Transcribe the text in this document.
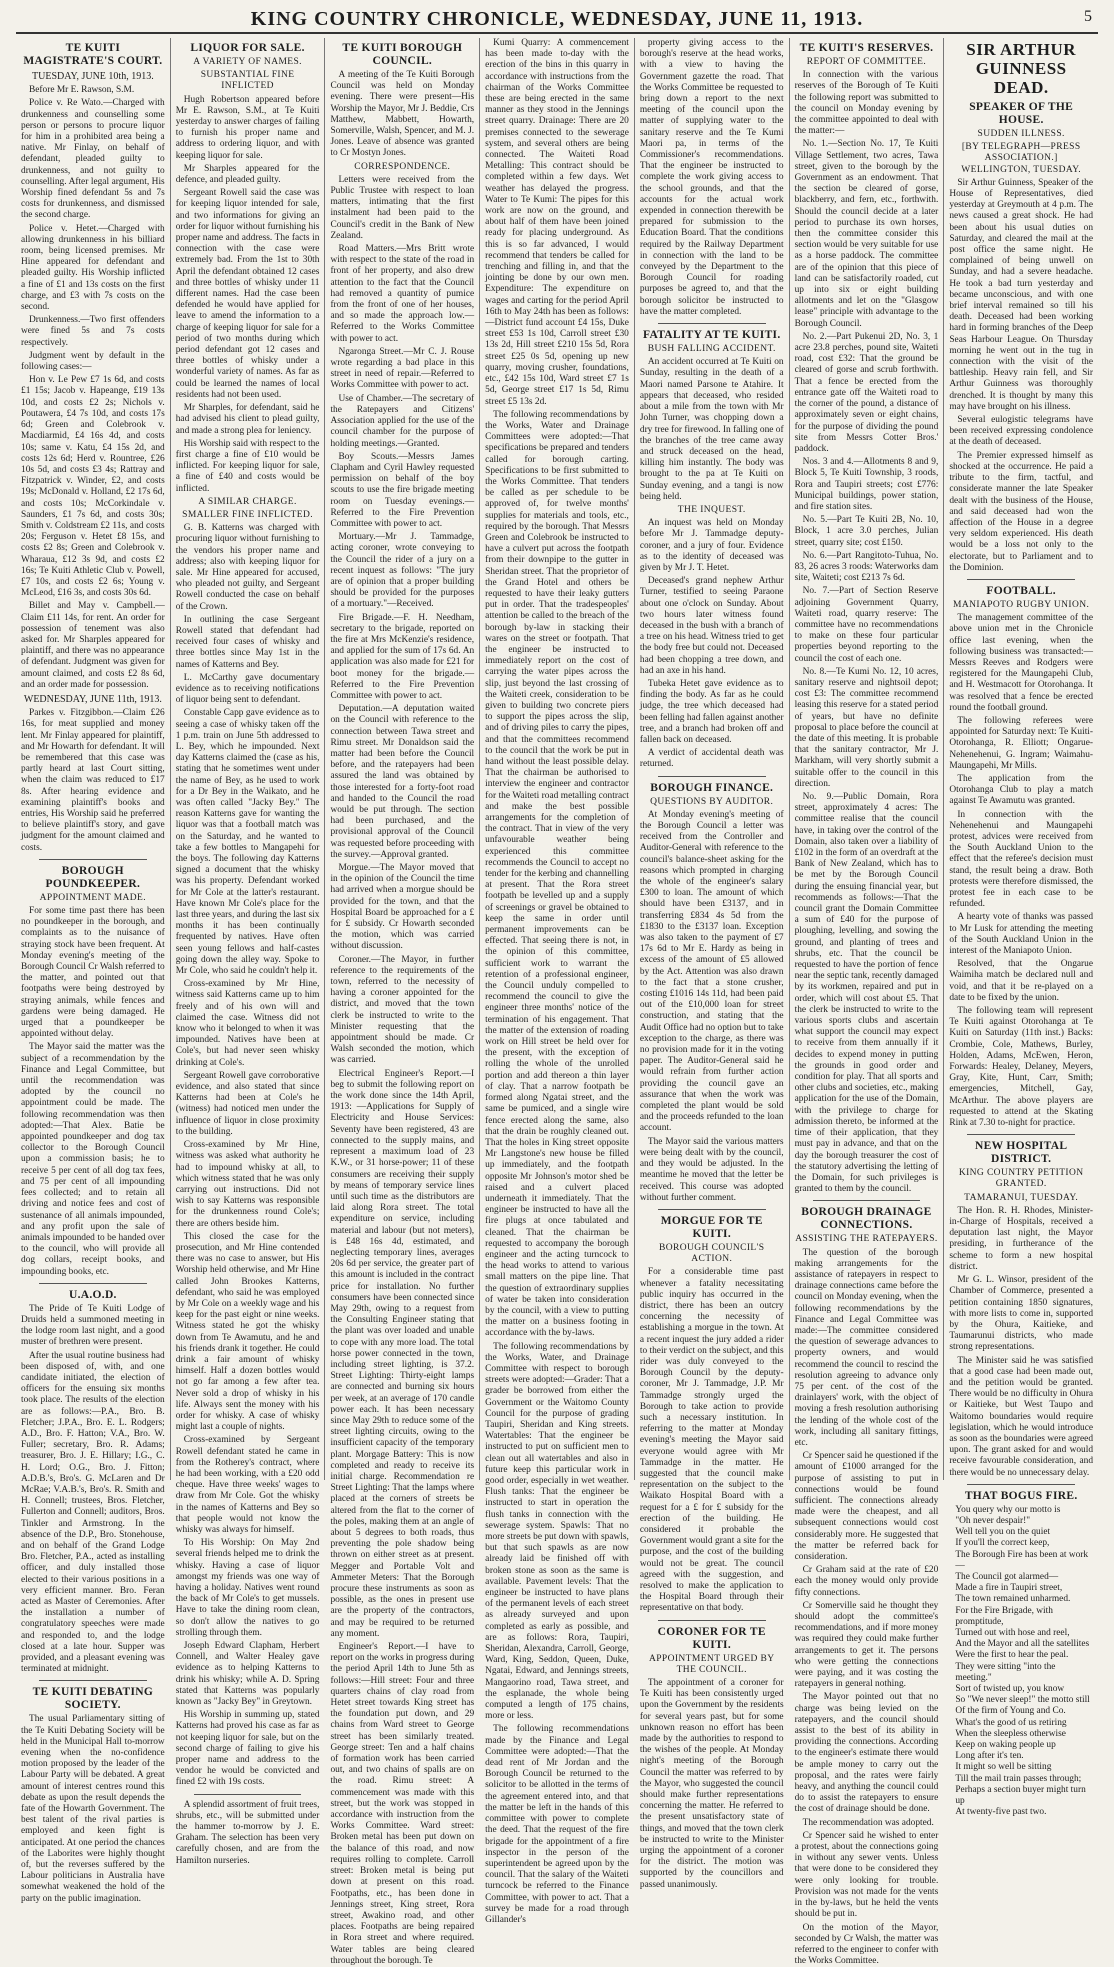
KING COUNTRY CHRONICLE, WEDNESDAY, JUNE 11, 1913.	5
TE KUITI MAGISTRATE'S COURT.
TUESDAY, JUNE 10th, 1913.

Before Mr E. Rawson, S.M.

Police v. Re Wato.—Charged with drunkenness and counselling some person or persons to procure liquor for him in a prohibited area being a native. Mr Finlay, on behalf of defendant, pleaded guilty to drunkenness, and not guilty to counselling. After legal argument, His Worship fined defendant 5s and 7s costs for drunkenness, and dismissed the second charge.

Police v. Hetet.—Charged with allowing drunkenness in his billiard room, being licensed premises. Mr Hine appeared for defendant and pleaded guilty. His Worship inflicted a fine of £1 and 13s costs on the first charge, and £3 with 7s costs on the second.

Drunkenness.—Two first offenders were fined 5s and 7s costs respectively.

Judgment went by default in the following cases:—

Hon v. Le Pew £7 1s 6d, and costs £1 15s; Jacob v. Hapeange, £19 13s 10d, and costs £2 2s; Nichols v. Poutawera, £4 7s 10d, and costs 17s 6d; Green and Colebrook v. Macdiarmid, £4 16s 4d, and costs 10s; same v. Katu, £4 15s 2d, and costs 12s 6d; Herd v. Rountree, £26 10s 5d, and costs £3 4s; Rattray and Fitzpatrick v. Winder, £2, and costs 19s; McDonald v. Holland, £2 17s 6d, and costs 10s; McCorkindale v. Saunders, £1 7s 6d, and costs 30s; Smith v. Coldstream £2 11s, and costs 20s; Ferguson v. Hetet £8 15s, and costs £2 8s; Green and Colebrook v. Wharaua, £12 3s 9d, and costs £2 16s; Te Kuiti Athletic Club v. Powell, £7 10s, and costs £2 6s; Young v. McLeod, £16 3s, and costs 30s 6d.

Billet and May v. Campbell.—Claim £11 14s, for rent. An order for possession of tenement was also asked for. Mr Sharples appeared for plaintiff, and there was no appearance of defendant. Judgment was given for amount claimed, and costs £2 8s 6d, and an order made for possession.

WEDNESDAY, JUNE 11th, 1913.

Parkes v. Fitzgibbon.—Claim £26 16s, for meat supplied and money lent. Mr Finlay appeared for plaintiff, and Mr Howarth for defendant. It will be remembered that this case was partly heard at last Court sitting, when the claim was reduced to £17 8s. After hearing evidence and examining plaintiff's books and entries, His Worship said he preferred to believe plaintiff's story, and gave judgment for the amount claimed and costs.

BOROUGH POUNDKEEPER.
APPOINTMENT MADE.

For some time past there has been no poundkeeper in the borough, and complaints as to the nuisance of straying stock have been frequent. At Monday evening's meeting of the Borough Council Cr Walsh referred to the matter, and pointed out that footpaths were being destroyed by straying animals, while fences and gardens were being damaged. He urged that a poundkeeper be appointed without delay.

The Mayor said the matter was the subject of a recommendation by the Finance and Legal Committee, but until the recommendation was adopted by the council no appointment could be made. The following recommendation was then adopted:—That Alex. Batie be appointed poundkeeper and dog tax collector to the Borough Council upon a commission basis; he to receive 5 per cent of all dog tax fees, and 75 per cent of all impounding fees collected; and to retain all driving and notice fees and cost of sustenance of all animals impounded, and any profit upon the sale of animals impounded to be handed over to the council, who will provide all dog collars, receipt books, and impounding books, etc.

U.A.O.D.

The Pride of Te Kuiti Lodge of Druids held a summoned meeting in the lodge room last night, and a good muster of brethren were present.

After the usual routine business had been disposed of, with, and one candidate initiated, the election of officers for the ensuing six months took place. The results of the election are as follows:—P.A., Bro. B. Fletcher; J.P.A., Bro. E. L. Rodgers; A.D., Bro. F. Hatton; V.A., Bro. W. Fuller; secretary, Bro. R. Adams; treasurer, Bro. J. E. Hillary; I.G., C. H. Lord; O.G., Bro. J. Fitton; A.D.B.'s, Bro's. G. McLaren and Dr McRae; V.A.B.'s, Bro's. R. Smith and H. Connell; trustees, Bros. Fletcher, Fullerton and Connell; auditors, Bros. Tinkler and Armstrong. In the absence of the D.P., Bro. Stonehouse, and on behalf of the Grand Lodge Bro. Fletcher, P.A., acted as installing officer, and duly installed those elected to their various positions in a very efficient manner. Bro. Feran acted as Master of Ceremonies. After the installation a number of congratulatory speeches were made and responded to, and the lodge closed at a late hour. Supper was provided, and a pleasant evening was terminated at midnight.

TE KUITI DEBATING SOCIETY.

The usual Parliamentary sitting of the Te Kuiti Debating Society will be held in the Municipal Hall to-morrow evening when the no-confidence motion proposed by the leader of the Labour Party will be debated. A great amount of interest centres round this debate as upon the result depends the fate of the Howarth Government. The best talent of the rival parties is employed and keen fight is anticipated. At one period the chances of the Laborites were highly thought of, but the reverses suffered by the Labour politicians in Australia have somewhat weakened the hold of the party on the public imagination.

LIQUOR FOR SALE.
A VARIETY OF NAMES.
SUBSTANTIAL FINE INFLICTED

Hugh Robertson appeared before Mr E. Rawson, S.M., at Te Kuiti yesterday to answer charges of failing to furnish his proper name and address to ordering liquor, and with keeping liquor for sale.

Mr Sharples appeared for the defence, and pleaded guilty.

Sergeant Rowell said the case was for keeping liquor intended for sale, and two informations for giving an order for liquor without furnishing his proper name and address. The facts in connection with the case were extremely bad. From the 1st to 30th April the defendant obtained 12 cases and three bottles of whisky under 11 different names. Had the case been defended he would have applied for leave to amend the information to a charge of keeping liquor for sale for a period of two months during which period defendant got 12 cases and three bottles of whisky under a wonderful variety of names. As far as could be learned the names of local residents had not been used.

Mr Sharples, for defendant, said he had advised his client to plead guilty, and made a strong plea for leniency.

His Worship said with respect to the first charge a fine of £10 would be inflicted. For keeping liquor for sale, a fine of £40 and costs would be inflicted.

A SIMILAR CHARGE.
SMALLER FINE INFLICTED.

G. B. Katterns was charged with procuring liquor without furnishing to the vendors his proper name and address; also with keeping liquor for sale. Mr Hine appeared for accused, who pleaded not guilty, and Sergeant Rowell conducted the case on behalf of the Crown.

In outlining the case Sergeant Rowell stated that defendant had received four cases of whisky and three bottles since May 1st in the names of Katterns and Bey.

L. McCarthy gave documentary evidence as to receiving notifications of liquor being sent to defendant.

Constable Capp gave evidence as to seeing a case of whisky taken off the 1 p.m. train on June 5th addressed to L. Bey, which he impounded. Next day Katterns claimed the (case as his, stating that he sometimes went under the name of Bey, as he used to work for a Dr Bey in the Waikato, and he was often called "Jacky Bey." The reason Katterns gave for wanting the liquor was that a football match was on the Saturday, and he wanted to take a few bottles to Mangapehi for the boys. The following day Katterns signed a document that the whisky was his property. Defendant worked for Mr Cole at the latter's restaurant. Have known Mr Cole's place for the last three years, and during the last six months it has been continually frequented by natives. Have often seen young fellows and half-castes going down the alley way. Spoke to Mr Cole, who said he couldn't help it.

Cross-examined by Mr Hine, witness said Katterns came up to him freely and of his own will and claimed the case. Witness did not know who it belonged to when it was impounded. Natives have been at Cole's, but had never seen whisky drinking at Cole's.

Sergeant Rowell gave corroborative evidence, and also stated that since Katterns had been at Cole's he (witness) had noticed men under the influence of liquor in close proximity to the building.

Cross-examined by Mr Hine, witness was asked what authority he had to impound whisky at all, to which witness stated that he was only carrying out instructions. Did not wish to say Katterns was responsible for the drunkenness round Cole's; there are others beside him.

This closed the case for the prosecution, and Mr Hine contended there was no case to answer, but His Worship held otherwise, and Mr Hine called John Brookes Katterns, defendant, who said he was employed by Mr Cole on a weekly wage and his keep for the past eight or nine weeks. Witness stated he got the whisky down from Te Awamutu, and he and his friends drank it together. He could drink a fair amount of whisky himself. Half a dozen bottles would not go far among a few after tea. Never sold a drop of whisky in his life. Always sent the money with his order for whisky. A case of whisky might last a couple of nights.

Cross-examined by Sergeant Rowell defendant stated he came in from the Rotherey's contract, where he had been working, with a £20 odd cheque. Have three weeks' wages to draw from Mr Cole. Got the whisky in the names of Katterns and Bey so that people would not know the whisky was always for himself.

To His Worship: On May 2nd several friends helped me to drink the whisky. Having a case of liquor amongst my friends was one way of having a holiday. Natives went round the back of Mr Cole's to get mussels. Have to take the dining room clean, so don't allow the natives to go strolling through them.

Joseph Edward Clapham, Herbert Connell, and Walter Healey gave evidence as to helping Katterns to drink his whisky; while A. D. Spring stated that Katterns was popularly known as "Jacky Bey" in Greytown.

His Worship in summing up, stated Katterns had proved his case as far as not keeping liquor for sale, but on the second charge of failing to give his proper name and address to the vendor he would be convicted and fined £2 with 19s costs.

A splendid assortment of fruit trees, shrubs, etc., will be submitted under the hammer to-morrow by J. E. Graham. The selection has been very carefully chosen, and are from the Hamilton nurseries.

TE KUITI BOROUGH COUNCIL.

A meeting of the Te Kuiti Borough Council was held on Monday evening. There were present—His Worship the Mayor, Mr J. Beddie, Crs Matthew, Mabbett, Howarth, Somerville, Walsh, Spencer, and M. J. Jones. Leave of absence was granted to Cr Mostyn Jones.

CORRESPONDENCE.

Letters were received from the Public Trustee with respect to loan matters, intimating that the first instalment had been paid to the Council's credit in the Bank of New Zealand.

Road Matters.—Mrs Britt wrote with respect to the state of the road in front of her property, and also drew attention to the fact that the Council had removed a quantity of pumice from the front of one of her houses, and so made the approach low.—Referred to the Works Committee with power to act.

Ngaronga Street.—Mr C. J. Rouse wrote regarding a bad place in this street in need of repair.—Referred to Works Committee with power to act.

Use of Chamber.—The secretary of the Ratepayers and Citizens' Association applied for the use of the council chamber for the purpose of holding meetings.—Granted.

Boy Scouts.—Messrs James Clapham and Cyril Hawley requested permission on behalf of the boy scouts to use the fire brigade meeting room on Tuesday evenings.—Referred to the Fire Prevention Committee with power to act.

Mortuary.—Mr J. Tammadge, acting coroner, wrote conveying to the Council the rider of a jury on a recent inquest as follows: "The jury are of opinion that a proper building should be provided for the purposes of a mortuary."—Received.

Fire Brigade.—F. H. Needham, secretary to the brigade, reported on the fire at Mrs McKenzie's residence, and applied for the sum of 17s 6d. An application was also made for £21 for boot money for the brigade.—Referred to the Fire Prevention Committee with power to act.

Deputation.—A deputation waited on the Council with reference to the connection between Tawa street and Rimu street. Mr Donaldson said the matter had been before the Council before, and the ratepayers had been assured the land was obtained by those interested for a forty-foot road and handed to the Council the road would be put through. The section had been purchased, and the provisional approval of the Council was requested before proceeding with the survey.—Approval granted.

Morgue.—The Mayor moved that in the opinion of the Council the time had arrived when a morgue should be provided for the town, and that the Hospital Board be approached for a £ for £ subsidy. Cr Howarth seconded the motion, which was carried without discussion.

Coroner.—The Mayor, in further reference to the requirements of the town, referred to the necessity of having a coroner appointed for the district, and moved that the town clerk be instructed to write to the Minister requesting that the appointment should be made. Cr Walsh seconded the motion, which was carried.

Electrical Engineer's Report.—I beg to submit the following report on the work done since the 14th April, 1913: —Applications for Supply of Electricity and House Services: Seventy have been registered, 43 are connected to the supply mains, and represent a maximum load of 23 K.W., or 31 horse-power; 11 of these consumers are receiving their supply by means of temporary service lines until such time as the distributors are laid along Rora street. The total expenditure on service, including material and labour (but not meters), is £48 16s 4d, estimated, and neglecting temporary lines, averages 20s 6d per service, the greater part of this amount is included in the contract price for installation. No further consumers have been connected since May 29th, owing to a request from the Consulting Engineer stating that the plant was over loaded and unable to cope with any more load. The total horse power connected in the town, including street lighting, is 37.2. Street Lighting: Thirty-eight lamps are connected and burning six hours per week, at an average of 170 candle power each. It has been necessary since May 29th to reduce some of the street lighting circuits, owing to the insufficient capacity of the temporary plant. Morgage Battery: This is now completed and ready to receive its initial charge. Recommendation re Street Lighting: That the lamps where placed at the corners of streets be altered from the flat to the corner of the poles, making them at an angle of about 5 degrees to both roads, thus preventing the pole shadow being thrown on either street as at present. Megger and Portable Volt and Ammeter Meters: That the Borough procure these instruments as soon as possible, as the ones in present use are the property of the contractors, and may be required to be returned any moment.

Engineer's Report.—I have to report on the works in progress during the period April 14th to June 5th as follows:—Hill street: Four and three quarters chains of clay road from Hetet street towards King street has the foundation put down, and 29 chains from Ward street to George street has been similarly treated. George street: Ten and a half chains of formation work has been carried out, and two chains of spalls are on the road. Rimu street: A commencement was made with this street, but the work was stopped in accordance with instruction from the Works Committee. Ward street: Broken metal has been put down on the balance of this road, and now requires rolling to complete. Carroll street: Broken metal is being put down at present on this road. Footpaths, etc., has been done in Jennings street, King street, Rora street, Awakino road, and other places. Footpaths are being repaired in Rora street and where required. Water tables are being cleared throughout the borough. Te

Kumi Quarry: A commencement has been made to-day with the erection of the bins in this quarry in accordance with instructions from the chairman of the Works Committee these are being erected in the same manner as they stood in the Jennings street quarry. Drainage: There are 20 premises connected to the sewerage system, and several others are being connected. The Waiteti Road Metalling: This contract should be completed within a few days. Wet weather has delayed the progress. Water to Te Kumi: The pipes for this work are now on the ground, and about half of them have been joined ready for placing underground. As this is so far advanced, I would recommend that tenders be called for trenching and filling in, and that the jointing be done by our own men. Expenditure: The expenditure on wages and carting for the period April 16th to May 24th has been as follows:—District fund account £4 15s, Duke street £53 1s 10d, Carroll street £30 13s 2d, Hill street £210 15s 5d, Rora street £25 0s 5d, opening up new quarry, moving crusher, foundations, etc., £42 15s 10d, Ward street £7 1s 5d, George street £17 1s 5d, Rimu street £5 13s 2d.

The following recommendations by the Works, Water and Drainage Committees were adopted:—That specifications be prepared and tenders called for borough carting. Specifications to be first submitted to the Works Committee. That tenders be called as per schedule to be approved of, for twelve months' supplies for materials and tools, etc., required by the borough. That Messrs Green and Colebrook be instructed to have a culvert put across the footpath from their downpipe to the gutter in Sheridan street. That the proprietor of the Grand Hotel and others be requested to have their leaky gutters put in order. That the tradespeoples' attention be called to the breach of the borough by-law in stacking their wares on the street or footpath. That the engineer be instructed to immediately report on the cost of carrying the water pipes across the slip, just beyond the last crossing of the Waiteti creek, consideration to be given to building two concrete piers to support the pipes across the slip, and of driving piles to carry the pipes, and that the committees recommend to the council that the work be put in hand without the least possible delay. That the chairman be authorised to interview the engineer and contractor for the Waiteti road metalling contract and make the best possible arrangements for the completion of the contract. That in view of the very unfavourable weather being experienced this committee recommends the Council to accept no tender for the kerbing and channelling at present. That the Rora street footpath be levelled up and a supply of screenings or gravel be obtained to keep the same in order until permanent improvements can be effected. That seeing there is not, in the opinion of this committee, sufficient work to warrant the retention of a professional engineer, the Council unduly compelled to recommend the council to give the engineer three months' notice of the termination of his engagement. That the matter of the extension of roading work on Hill street be held over for the present, with the exception of rolling the whole of the unrolled portion and add thereon a thin layer of clay. That a narrow footpath be formed along Ngatai street, and the same be pumiced, and a single wire fence erected along the same, also that the drain be roughly cleaned out. That the holes in King street opposite Mr Langstone's new house be filled up immediately, and the footpath opposite Mr Johnson's motor shed be raised and a culvert placed underneath it immediately. That the engineer be instructed to have all the fire plugs at once tabulated and cleaned. That the chairman be requested to accompany the borough engineer and the acting turncock to the head works to attend to various small matters on the pipe line. That the question of extraordinary supplies of water be taken into consideration by the council, with a view to putting the matter on a business footing in accordance with the by-laws.

The following recommendations by the Works, Water, and Drainage Committee with respect to borough streets were adopted:—Grader: That a grader be borrowed from either the Government or the Waitomo County Council for the purpose of grading Taupiri, Sheridan and King streets. Watertables: That the engineer be instructed to put on sufficient men to clean out all watertables and also in future keep this particular work in good order, especially in wet weather. Flush tanks: That the engineer be instructed to start in operation the flush tanks in connection with the sewerage system. Spawls: That no more streets be put down with spawls, but that such spawls as are now already laid be finished off with broken stone as soon as the same is available. Pavement levels: That the engineer be instructed to have plans of the permanent levels of each street as already surveyed and upon completed as early as possible, and are as follows: Rora, Taupiri, Sheridan, Alexandra, Carroll, George, Ward, King, Seddon, Queen, Duke, Ngatai, Edward, and Jennings streets, Mangaorino road, Tawa street, and the esplanade, the whole being computed a length of 175 chains, more or less.

The following recommendations made by the Finance and Legal Committee were adopted:—That the dead rent of Mr Jordan and the Borough Council be returned to the solicitor to be allotted in the terms of the agreement entered into, and that the matter be left in the hands of this committee with power to complete the deed. That the request of the fire brigade for the appointment of a fire inspector in the person of the superintendent be agreed upon by the council. That the salary of the Waiteti turncock be referred to the Finance Committee, with power to act. That a survey be made for a road through Gillander's

property giving access to the borough's reserve at the head works, with a view to having the Government gazette the road. That the Works Committee be requested to bring down a report to the next meeting of the council upon the matter of supplying water to the sanitary reserve and the Te Kumi Maori pa, in terms of the Commissioner's recommendations. That the engineer be instructed to complete the work giving access to the school grounds, and that the accounts for the actual work expended in connection therewith be prepared for submission to the Education Board. That the conditions required by the Railway Department in connection with the land to be conveyed by the Department to the Borough Council for roading purposes be agreed to, and that the borough solicitor be instructed to have the matter completed.

FATALITY AT TE KUITI.
BUSH FALLING ACCIDENT.

An accident occurred at Te Kuiti on Sunday, resulting in the death of a Maori named Parsone te Atahire. It appears that deceased, who resided about a mile from the town with Mr John Turner, was chopping down a dry tree for firewood. In falling one of the branches of the tree came away and struck deceased on the head, killing him instantly. The body was brought to the pa at Te Kuiti on Sunday evening, and a tangi is now being held.

THE INQUEST.

An inquest was held on Monday before Mr J. Tammadge deputy-coroner, and a jury of four. Evidence as to the identity of deceased was given by Mr J. T. Hetet.

Deceased's grand nephew Arthur Turner, testified to seeing Paraone about one o'clock on Sunday. About two hours later witness found deceased in the bush with a branch of a tree on his head. Witness tried to get the body free but could not. Deceased had been chopping a tree down, and had an axe in his hand.

Tubeka Hetet gave evidence as to finding the body. As far as he could judge, the tree which deceased had been felling had fallen against another tree, and a branch had broken off and fallen back on deceased.

A verdict of accidental death was returned.

BOROUGH FINANCE.
QUESTIONS BY AUDITOR.

At Monday evening's meeting of the Borough Council a letter was received from the Controller and Auditor-General with reference to the council's balance-sheet asking for the reasons which prompted in charging the whole of the engineer's salary £300 to loan. The amount of which should have been £3137, and in transferring £834 4s 5d from the £1830 to the £3137 loan. Exception was also taken to the payment of £7 17s 6d to Mr E. Hardy as being in excess of the amount of £5 allowed by the Act. Attention was also drawn to the fact that a stone crusher, costing £1016 14s 11d, had been paid out of the £10,000 loan for street construction, and stating that the Audit Office had no option but to take exception to the charge, as there was no provision made for it in the voting paper. The Auditor-General said he would refrain from further action providing the council gave an assurance that when the work was completed the plant would be sold and the proceeds refunded to the loan account.

The Mayor said the various matters were being dealt with by the council, and they would be adjusted. In the meantime he moved that the letter be received. This course was adopted without further comment.

MORGUE FOR TE KUITI.
BOROUGH COUNCIL'S ACTION.

For a considerable time past whenever a fatality necessitating public inquiry has occurred in the district, there has been an outcry concerning the necessity of establishing a morgue in the town. At a recent inquest the jury added a rider to their verdict on the subject, and this rider was duly conveyed to the Borough Council by the deputy-coroner, Mr J. Tammadge, J.P. Mr Tammadge strongly urged the Borough to take action to provide such a necessary institution. In referring to the matter at Monday evening's meeting the Mayor said everyone would agree with Mr Tammadge in the matter. He suggested that the council make representation on the subject to the Waikato Hospital Board with a request for a £ for £ subsidy for the erection of the building. He considered it probable the Government would grant a site for the purpose, and the cost of the building would not be great. The council agreed with the suggestion, and resolved to make the application to the Hospital Board through their representative on that body.

CORONER FOR TE KUITI.
APPOINTMENT URGED BY THE COUNCIL.

The appointment of a coroner for Te Kuiti has been consistently urged upon the Government by the residents for several years past, but for some unknown reason no effort has been made by the authorities to respond to the wishes of the people. At Monday night's meeting of the Borough Council the matter was referred to by the Mayor, who suggested the council should make further representations concerning the matter. He referred to the present unsatisfactory state of things, and moved that the town clerk be instructed to write to the Minister urging the appointment of a coroner for the district. The motion was supported by the councillors and passed unanimously.

TE KUITI'S RESERVES.
REPORT OF COMMITTEE.

In connection with the various reserves of the Borough of Te Kuiti the following report was submitted to the council on Monday evening by the committee appointed to deal with the matter:—

No. 1.—Section No. 17, Te Kuiti Village Settlement, two acres, Tawa street, given to the borough by the Government as an endowment. That the section be cleared of gorse, blackberry, and fern, etc., forthwith. Should the council decide at a later period to purchase its own horses, then the committee consider this section would be very suitable for use as a horse paddock. The committee are of the opinion that this piece of land can be satisfactorily roaded, cut up into six or eight building allotments and let on the "Glasgow lease" principle with advantage to the Borough Council.

No. 2.—Part Pukenui 2D, No. 3, 1 acre 23.8 perches, pound site, Waiteti road, cost £32: That the ground be cleared of gorse and scrub forthwith. That a fence be erected from the entrance gate off the Waiteti road to the corner of the pound, a distance of approximately seven or eight chains, for the purpose of dividing the pound site from Messrs Cotter Bros.' paddock.

Nos. 3 and 4.—Allotments 8 and 9, Block 5, Te Kuiti Township, 3 roods, Rora and Taupiri streets; cost £776: Municipal buildings, power station, and fire station sites.

No. 5.—Part Te Kuiti 2B, No. 10, Block, 1 acre 3.0 perches, Julian street, quarry site; cost £150.

No. 6.—Part Rangitoto-Tuhua, No. 83, 26 acres 3 roods: Waterworks dam site, Waiteti; cost £213 7s 6d.

No. 7.—Part of Section Reserve adjoining Government Quarry, Waiteti road, quarry reserve: The committee have no recommendations to make on these four particular properties beyond reporting to the council the cost of each one.

No. 8.—Te Kumi No. 12, 10 acres, sanitary reserve and nightsoil depot; cost £3: The committee recommend leasing this reserve for a stated period of years, but have no definite proposal to place before the council at the date of this meeting. It is probable that the sanitary contractor, Mr J. Markham, will very shortly submit a suitable offer to the council in this direction.

No. 9.—Public Domain, Rora street, approximately 4 acres: The committee realise that the council have, in taking over the control of the Domain, also taken over a liability of £102 in the form of an overdraft at the Bank of New Zealand, which has to be met by the Borough Council during the ensuing financial year, but recommends as follows:—That the council grant the Domain Committee a sum of £40 for the purpose of ploughing, levelling, and sowing the ground, and planting of trees and shrubs, etc. That the council be requested to have the portion of fence near the septic tank, recently damaged by its workmen, repaired and put in order, which will cost about £5. That the clerk be instructed to write to the various sports clubs and ascertain what support the council may expect to receive from them annually if it decides to expend money in putting the grounds in good order and condition for play. That all sports and other clubs and societies, etc., making application for the use of the Domain, with the privilege to charge for admission thereto, be informed at the time of their application, that they must pay in advance, and that on the day the borough treasurer the cost of the statutory advertising the letting of the Domain, for such privileges is granted to them by the council.

BOROUGH DRAINAGE CONNECTIONS.
ASSISTING THE RATEPAYERS.

The question of the borough making arrangements for the assistance of ratepayers in respect to drainage connections came before the council on Monday evening, when the following recommendations by the Finance and Legal Committee was made:—The committee considered the question of sewerage advances to property owners, and would recommend the council to rescind the resolution agreeing to advance only 75 per cent. of the cost of the drainlayers' work, with the object of moving a fresh resolution authorising the lending of the whole cost of the work, including all sanitary fittings, etc.

Cr Spencer said he questioned if the amount of £1000 arranged for the purpose of assisting to put in connections would be found sufficient. The connections already made were the cheapest, and all subsequent connections would cost considerably more. He suggested that the matter be referred back for consideration.

Cr Graham said at the rate of £20 each the money would only provide fifty connections.

Cr Somerville said he thought they should adopt the committee's recommendations, and if more money was required they could make further arrangements to get it. The persons who were getting the connections were paying, and it was costing the ratepayers in general nothing.

The Mayor pointed out that no charge was being levied on the ratepayers, and the council should assist to the best of its ability in providing the connections. According to the engineer's estimate there would be ample money to carry out the proposal, and the rates were fairly heavy, and anything the council could do to assist the ratepayers to ensure the cost of drainage should be done.

The recommendation was adopted.

Cr Spencer said he wished to enter a protest, about the connections going in without any sewer vents. Unless that were done to be considered they were only looking for trouble. Provision was not made for the vents in the by-laws, but he held the vents should be put in.

On the motion of the Mayor, seconded by Cr Walsh, the matter was referred to the engineer to confer with the Works Committee.

SIR ARTHUR GUINNESS DEAD.
SPEAKER OF THE HOUSE.
SUDDEN ILLNESS.
[BY TELEGRAPH—PRESS ASSOCIATION.] WELLINGTON, TUESDAY.

Sir Arthur Guinness, Speaker of the House of Representatives, died yesterday at Greymouth at 4 p.m. The news caused a great shock. He had been about his usual duties on Saturday, and cleared the mail at the post office the same night. He complained of being unwell on Sunday, and had a severe headache. He took a bad turn yesterday and became unconscious, and with one brief interval remained so till his death. Deceased had been working hard in forming branches of the Deep Seas Harbour League. On Thursday morning he went out in the tug in connection with the visit of the battleship. Heavy rain fell, and Sir Arthur Guinness was thoroughly drenched. It is thought by many this may have brought on his illness.

Several eulogistic telegrams have been received expressing condolence at the death of deceased.

The Premier expressed himself as shocked at the occurrence. He paid a tribute to the firm, tactful, and considerate manner the late Speaker dealt with the business of the House, and said deceased had won the affection of the House in a degree very seldom experienced. His death would be a loss not only to the electorate, but to Parliament and to the Dominion.

FOOTBALL.
MANIAPOTO RUGBY UNION.

The management committee of the above union met in the Chronicle office last evening, when the following business was transacted:—Messrs Reeves and Rodgers were registered for the Maungapehi Club, and H. Westmacott for Otorohanga. It was resolved that a fence be erected round the football ground.

The following referees were appointed for Saturday next: Te Kuiti-Otorohanga, R. Elliott; Ongarue-Nehenehenui, G. Ingram; Waimahu-Maungapehi, Mr Mills.

The application from the Otorohanga Club to play a match against Te Awamutu was granted.

In connection with the Nehenehenui and Maungapehi protest, advices were received from the South Auckland Union to the effect that the referee's decision must stand, the result being a draw. Both protests were therefore dismissed, the protest fee in each case to be refunded.

A hearty vote of thanks was passed to Mr Lusk for attending the meeting of the South Auckland Union in the interest of the Maniapoto Union.

Resolved, that the Ongarue Waimiha match be declared null and void, and that it be re-played on a date to be fixed by the union.

The following team will represent Te Kuiti against Otorohanga at Te Kuiti on Saturday (11th inst.) Backs: Crombie, Cole, Mathews, Burley, Holden, Adams, McEwen, Heron, Forwards: Healey, Delaney, Meyers, Gray, Kite, Hunt, Carr, Smith; emergencies, Mitchell, Gay, McArthur. The above players are requested to attend at the Skating Rink at 7.30 to-night for practice.

NEW HOSPITAL DISTRICT.
KING COUNTRY PETITION GRANTED.
TAMARANUI, TUESDAY.

The Hon. R. H. Rhodes, Minister-in-Charge of Hospitals, received a deputation last night, the Mayor presiding, in furtherance of the scheme to form a new hospital district.

Mr G. L. Winsor, president of the Chamber of Commerce, presented a petition containing 1850 signatures, with more lists to come in, supported by the Ohura, Kaitieke, and Taumarunui districts, who made strong representations.

The Minister said he was satisfied that a good case had been made out, and the petition would be granted. There would be no difficulty in Ohura or Kaitieke, but West Taupo and Waitomo boundaries would require legislation, which he would introduce as soon as the boundaries were agreed upon. The grant asked for and would receive favourable consideration, and there would be no unnecessary delay.

THAT BOGUS FIRE.

You query why our motto is

"Oh never despair!"

Well tell you on the quiet

If you'll the correct keep,

The Borough Fire has been at work—

The Council got alarmed—

Made a fire in Taupiri street,

The town remained unharmed.

For the Fire Brigade, with promptitude,

Turned out with hose and reel,

And the Mayor and all the satellites

Were the first to hear the peal.

They were sitting "into the meeting."

Sort of twisted up, you know

So "We never sleep!" the motto still

Of the firm of Young and Co.

What's the good of us retiring

When the sleepless otherwise

Keep on waking people up

Long after it's ten.

It might so well be sitting

Till the mail train passes through;

Perhaps a section buyer might turn up

At twenty-five past two.
